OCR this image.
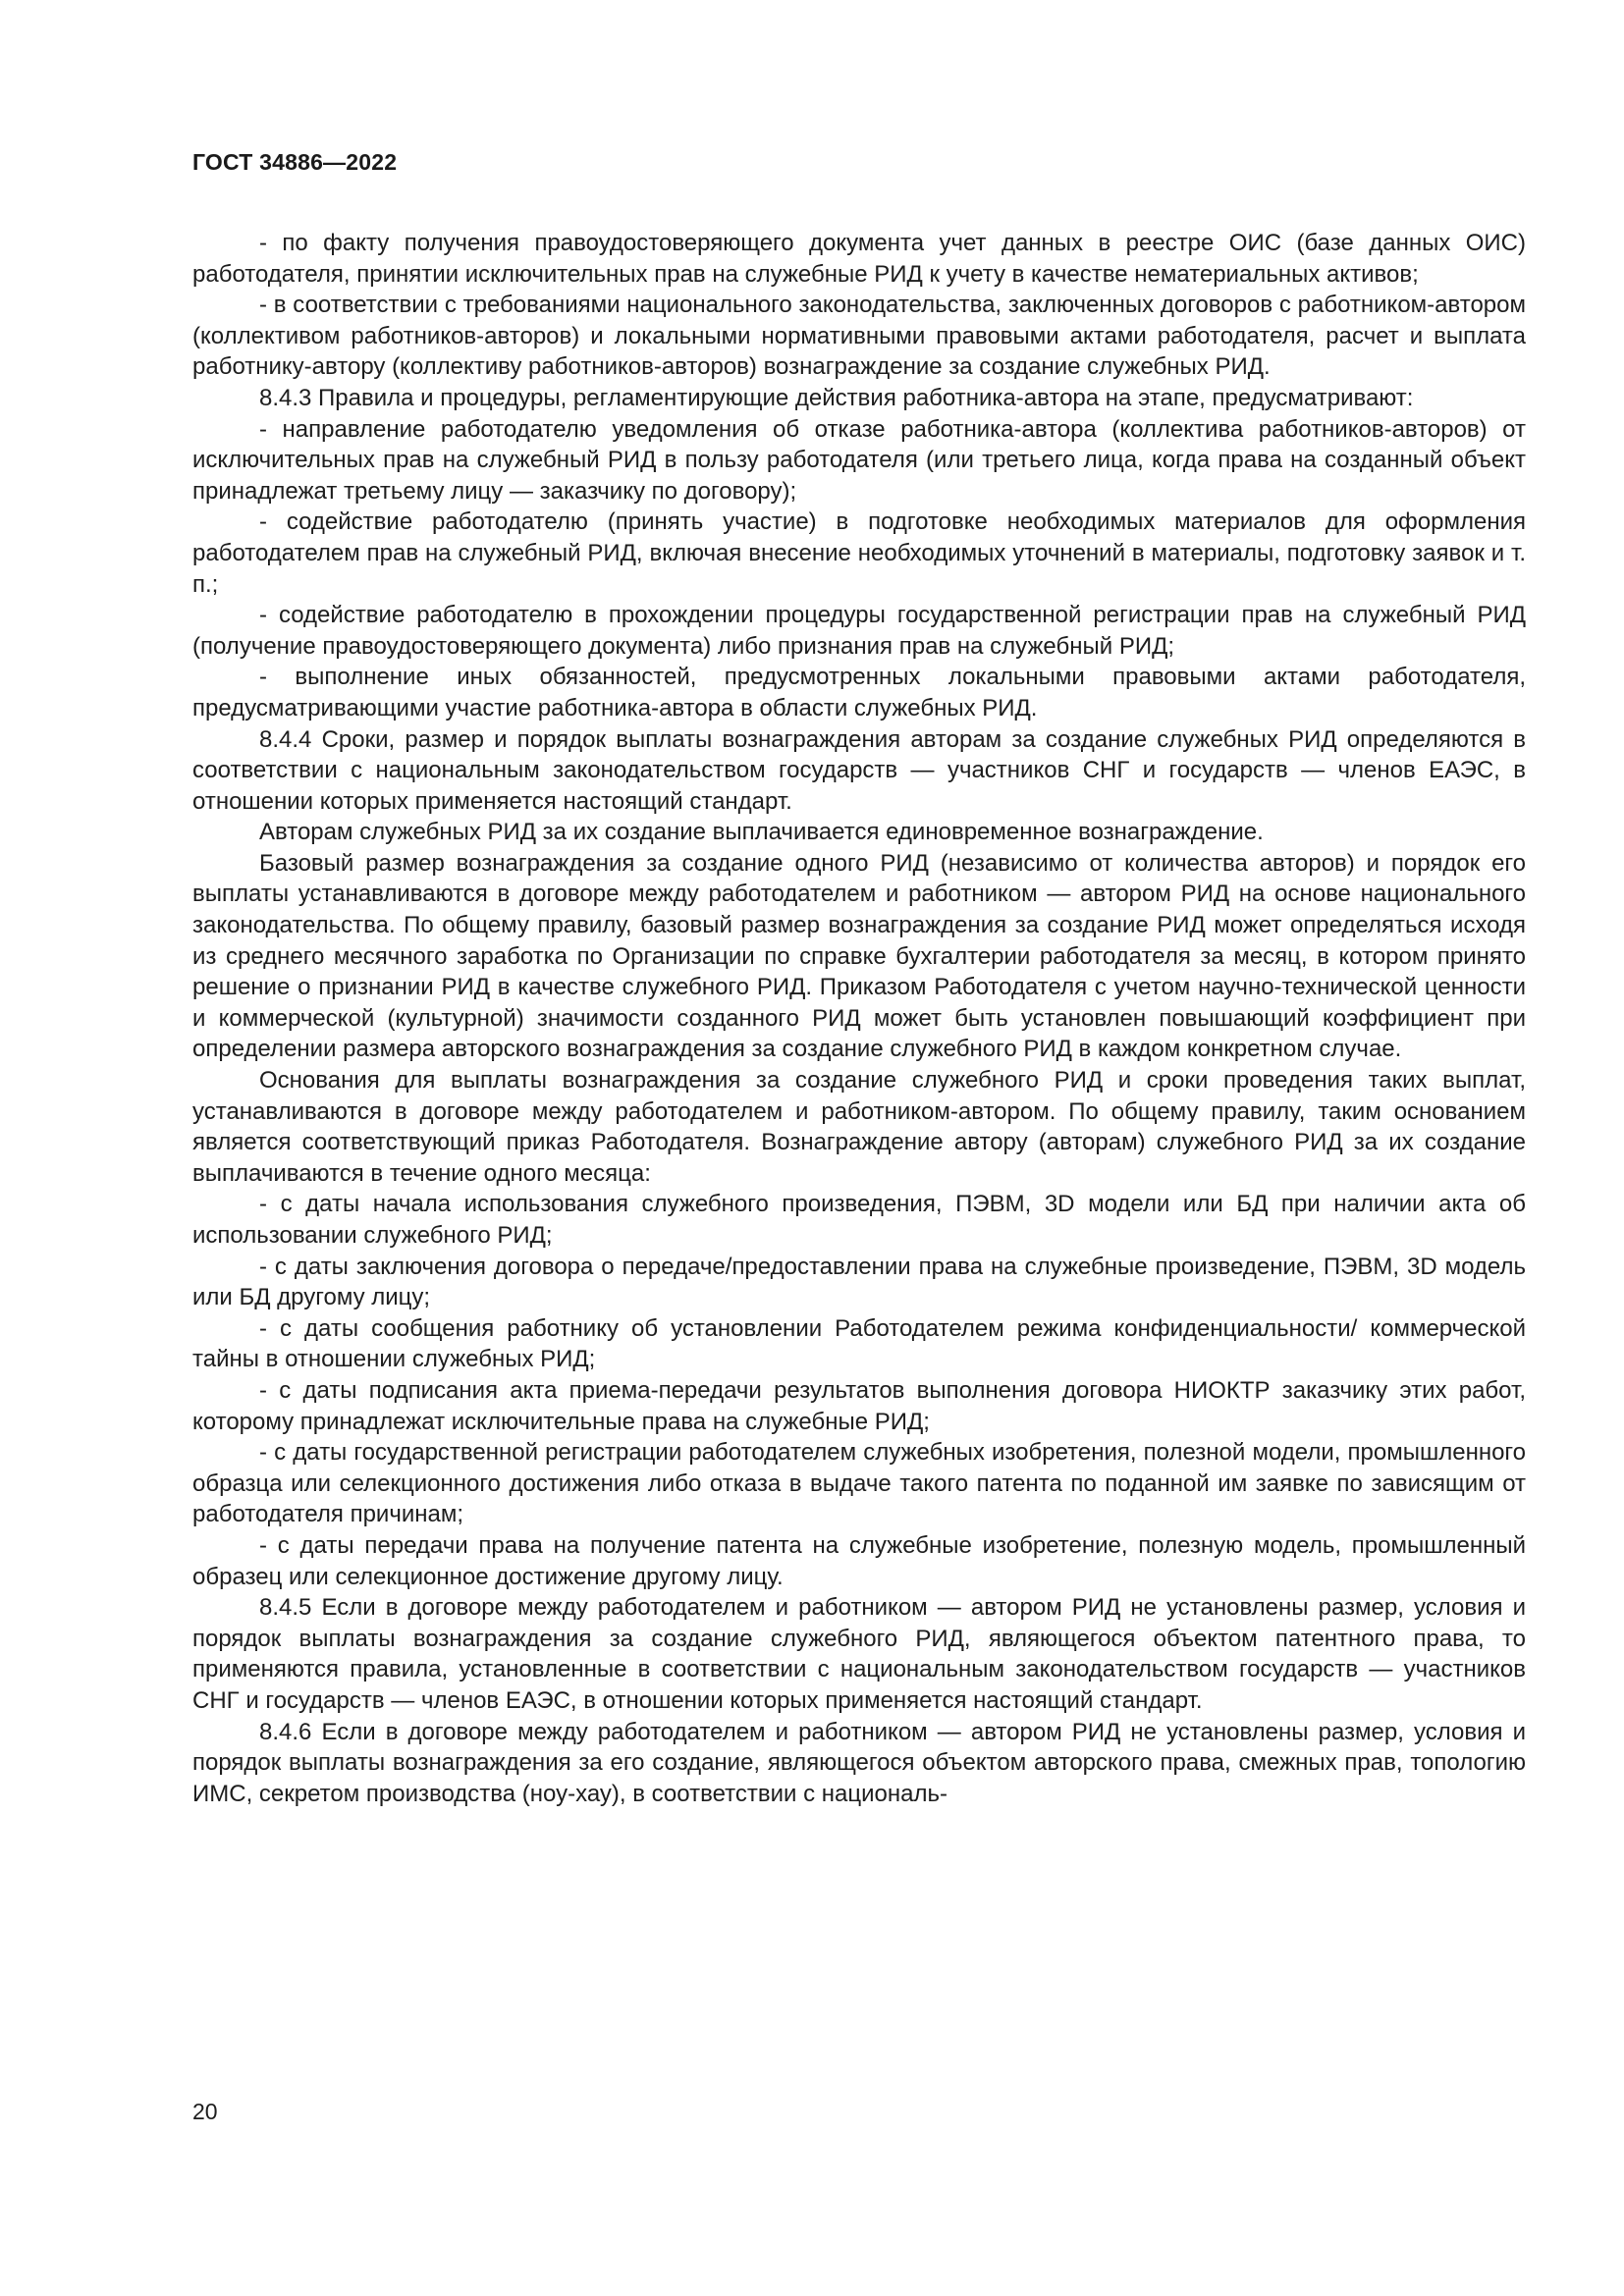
ГОСТ 34886—2022

- по факту получения правоудостоверяющего документа учет данных в реестре ОИС (базе данных ОИС) работодателя, принятии исключительных прав на служебные РИД к учету в качестве нематериальных активов;

- в соответствии с требованиями национального законодательства, заключенных договоров с работником-автором (коллективом работников-авторов) и локальными нормативными правовыми актами работодателя, расчет и выплата работнику-автору (коллективу работников-авторов) вознаграждение за создание служебных РИД.

8.4.3 Правила и процедуры, регламентирующие действия работника-автора на этапе, предусматривают:

- направление работодателю уведомления об отказе работника-автора (коллектива работников-авторов) от исключительных прав на служебный РИД в пользу работодателя (или третьего лица, когда права на созданный объект принадлежат третьему лицу — заказчику по договору);

- содействие работодателю (принять участие) в подготовке необходимых материалов для оформления работодателем прав на служебный РИД, включая внесение необходимых уточнений в материалы, подготовку заявок и т. п.;

- содействие работодателю в прохождении процедуры государственной регистрации прав на служебный РИД (получение правоудостоверяющего документа) либо признания прав на служебный РИД;

- выполнение иных обязанностей, предусмотренных локальными правовыми актами работодателя, предусматривающими участие работника-автора в области служебных РИД.

8.4.4 Сроки, размер и порядок выплаты вознаграждения авторам за создание служебных РИД определяются в соответствии с национальным законодательством государств — участников СНГ и государств — членов ЕАЭС, в отношении которых применяется настоящий стандарт.

Авторам служебных РИД за их создание выплачивается единовременное вознаграждение.

Базовый размер вознаграждения за создание одного РИД (независимо от количества авторов) и порядок его выплаты устанавливаются в договоре между работодателем и работником — автором РИД на основе национального законодательства. По общему правилу, базовый размер вознаграждения за создание РИД может определяться исходя из среднего месячного заработка по Организации по справке бухгалтерии работодателя за месяц, в котором принято решение о признании РИД в качестве служебного РИД. Приказом Работодателя с учетом научно-технической ценности и коммерческой (культурной) значимости созданного РИД может быть установлен повышающий коэффициент при определении размера авторского вознаграждения за создание служебного РИД в каждом конкретном случае.

Основания для выплаты вознаграждения за создание служебного РИД и сроки проведения таких выплат, устанавливаются в договоре между работодателем и работником-автором. По общему правилу, таким основанием является соответствующий приказ Работодателя. Вознаграждение автору (авторам) служебного РИД за их создание выплачиваются в течение одного месяца:

- с даты начала использования служебного произведения, ПЭВМ, 3D модели или БД при наличии акта об использовании служебного РИД;

- с даты заключения договора о передаче/предоставлении права на служебные произведение, ПЭВМ, 3D модель или БД другому лицу;

- с даты сообщения работнику об установлении Работодателем режима конфиденциальности/ коммерческой тайны в отношении служебных РИД;

- с даты подписания акта приема-передачи результатов выполнения договора НИОКТР заказчику этих работ, которому принадлежат исключительные права на служебные РИД;

- с даты государственной регистрации работодателем служебных изобретения, полезной модели, промышленного образца или селекционного достижения либо отказа в выдаче такого патента по поданной им заявке по зависящим от работодателя причинам;

- с даты передачи права на получение патента на служебные изобретение, полезную модель, промышленный образец или селекционное достижение другому лицу.

8.4.5 Если в договоре между работодателем и работником — автором РИД не установлены размер, условия и порядок выплаты вознаграждения за создание служебного РИД, являющегося объектом патентного права, то применяются правила, установленные в соответствии с национальным законодательством государств — участников СНГ и государств — членов ЕАЭС, в отношении которых применяется настоящий стандарт.

8.4.6 Если в договоре между работодателем и работником — автором РИД не установлены размер, условия и порядок выплаты вознаграждения за его создание, являющегося объектом авторского права, смежных прав, топологию ИМС, секретом производства (ноу-хау), в соответствии с националь-

20
